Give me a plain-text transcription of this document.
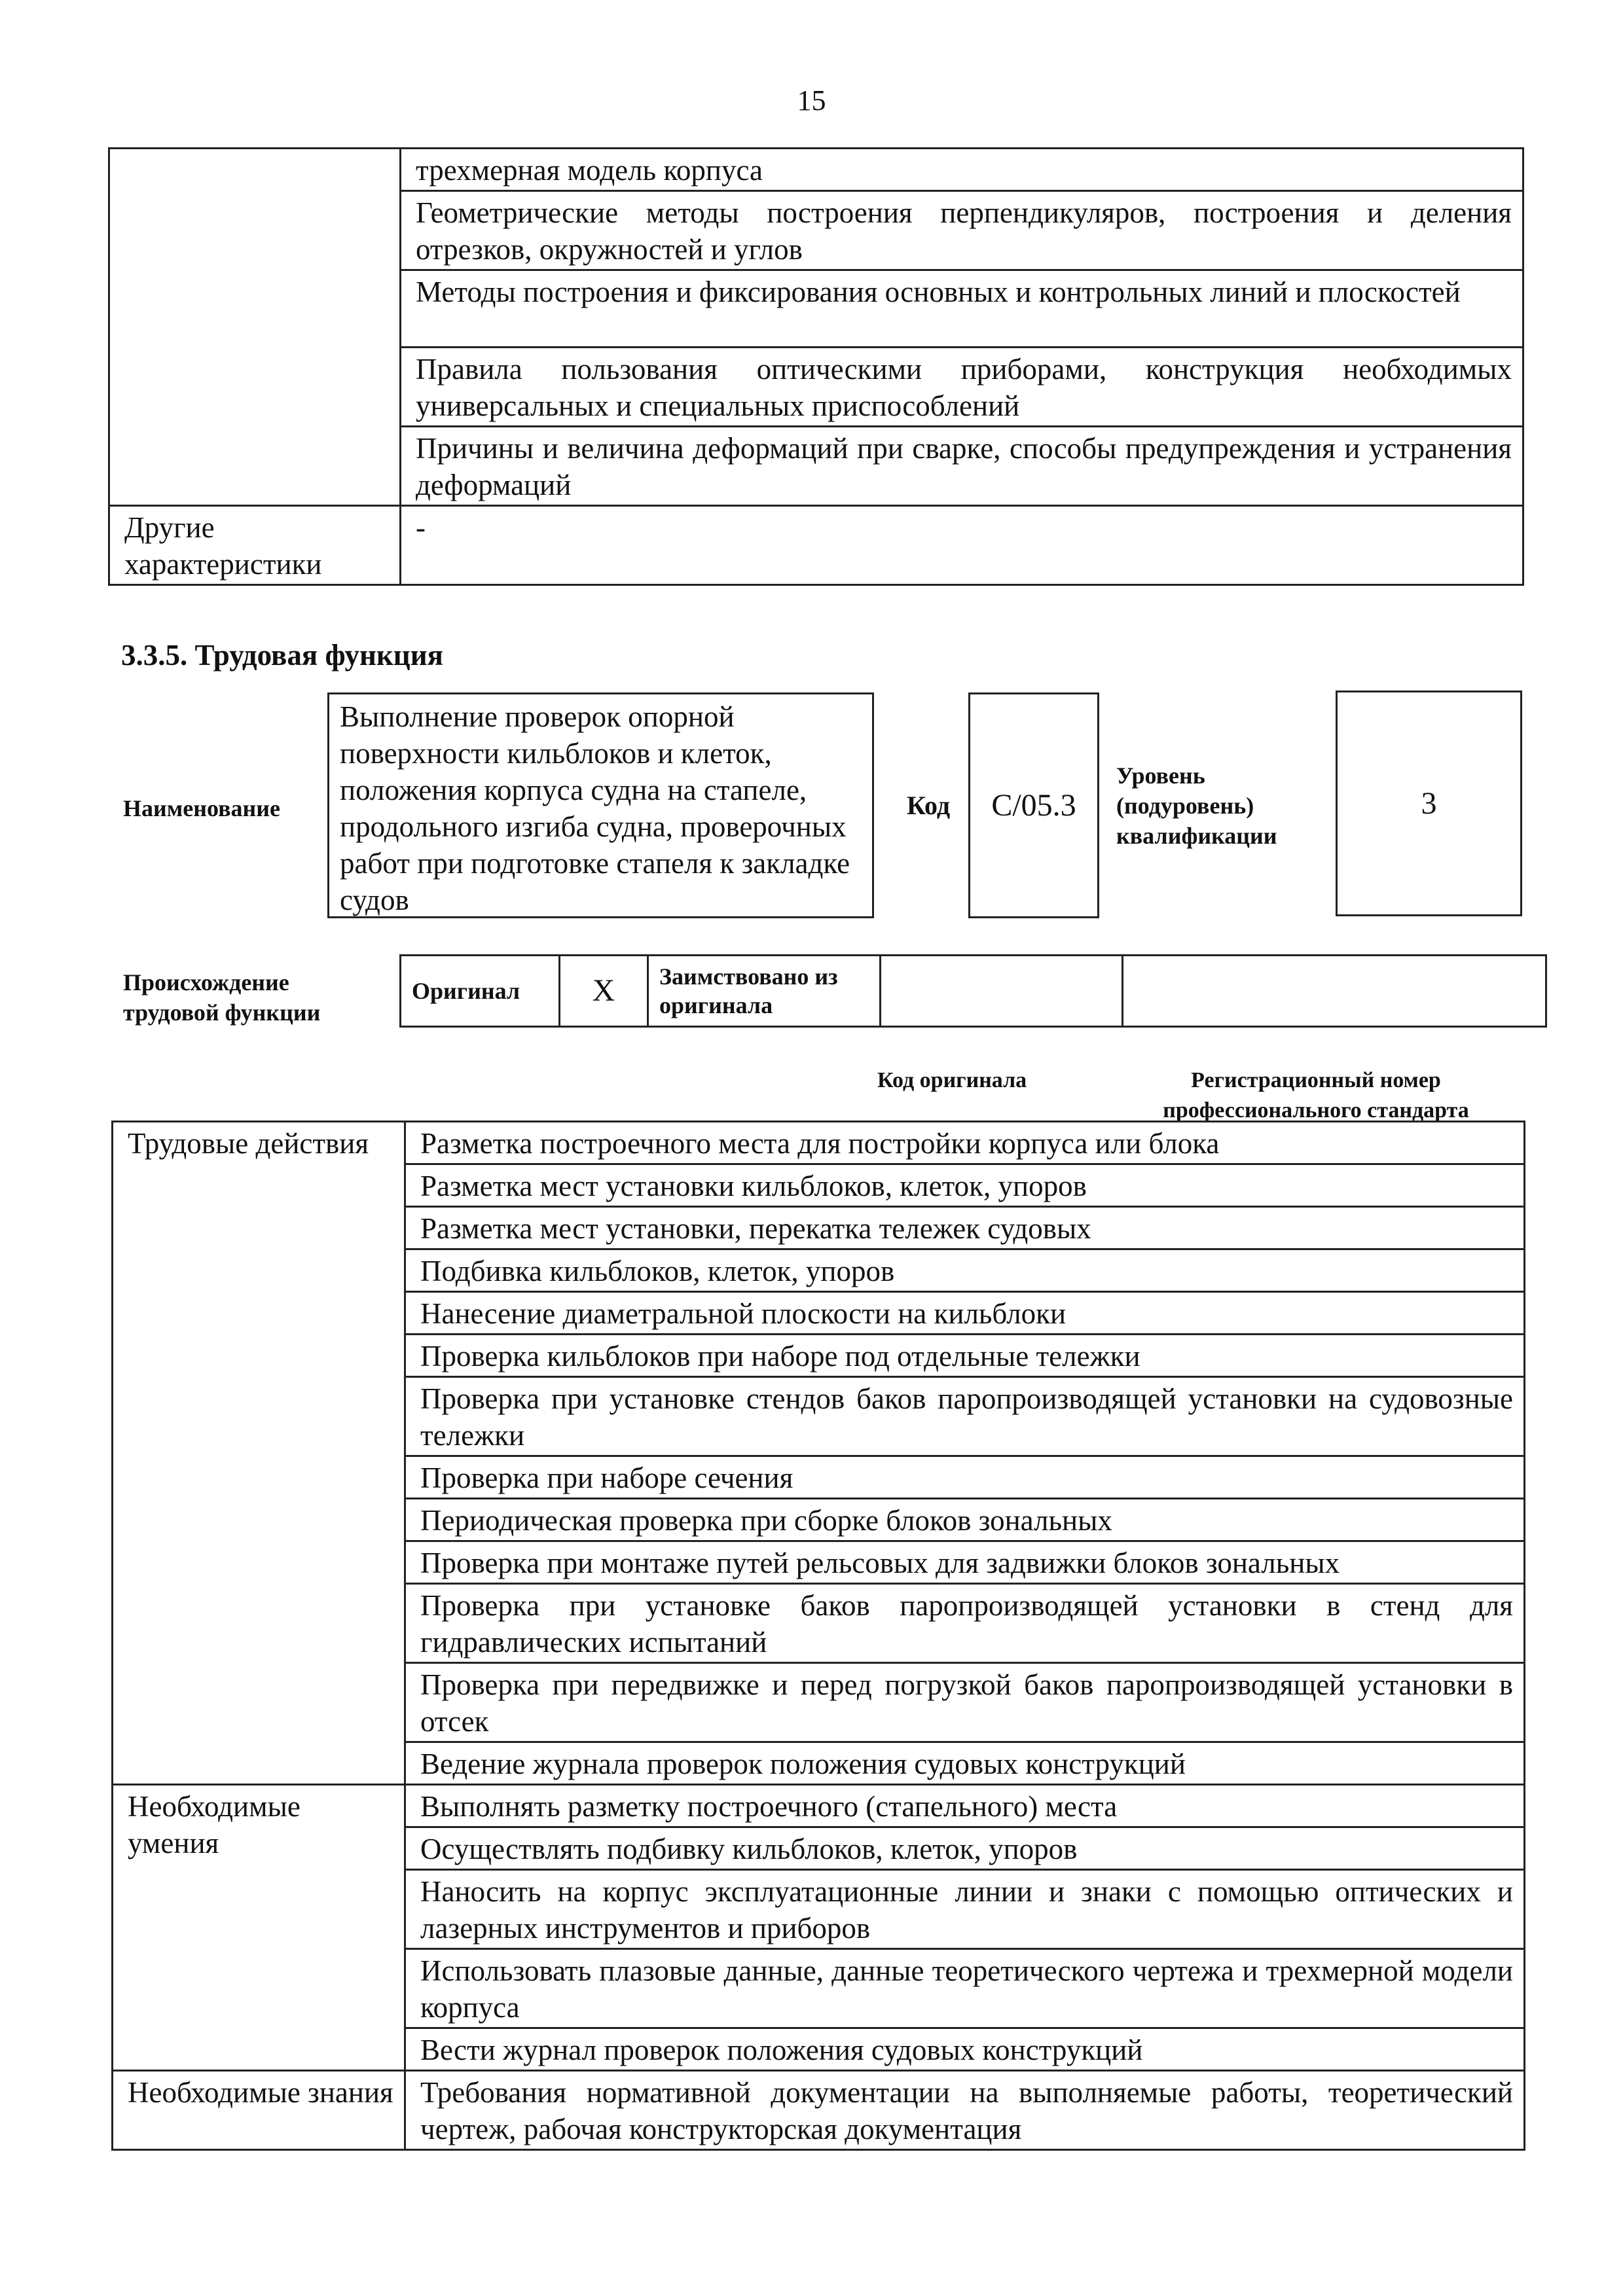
15
	трехмерная модель корпуса
	Геометрические методы построения перпендикуляров, построения и деления отрезков, окружностей и углов
	Методы построения и фиксирования основных и контрольных линий и плоскостей
	Правила пользования оптическими приборами, конструкция необходимых универсальных и специальных приспособлений
	Причины и величина деформаций при сварке, способы предупреждения и устранения деформаций
Другие характеристики	-
3.3.5. Трудовая функция
Наименование
Выполнение проверок опорной поверхности кильблоков и клеток, положения корпуса судна на стапеле, продольного изгиба судна, проверочных работ при подготовке стапеля к закладке судов
Код С/05.3
Уровень (подуровень) квалификации
3
Происхождение трудовой функции
Оригинал	X	Заимствовано из оригинала		
Код оригинала	Регистрационный номер профессионального стандарта
Трудовые действия	Разметка построечного места для постройки корпуса или блока
	Разметка мест установки кильблоков, клеток, упоров
	Разметка мест установки, перекатка тележек судовых
	Подбивка кильблоков, клеток, упоров
	Нанесение диаметральной плоскости на кильблоки
	Проверка кильблоков при наборе под отдельные тележки
	Проверка при установке стендов баков паропроизводящей установки на судовозные тележки
	Проверка при наборе сечения
	Периодическая проверка при сборке блоков зональных
	Проверка при монтаже путей рельсовых для задвижки блоков зональных
	Проверка при установке баков паропроизводящей установки в стенд для гидравлических испытаний
	Проверка при передвижке и перед погрузкой баков паропроизводящей установки в отсек
	Ведение журнала проверок положения судовых конструкций
Необходимые умения	Выполнять разметку построечного (стапельного) места
	Осуществлять подбивку кильблоков, клеток, упоров
	Наносить на корпус эксплуатационные линии и знаки с помощью оптических и лазерных инструментов и приборов
	Использовать плазовые данные, данные теоретического чертежа и трехмерной модели корпуса
	Вести журнал проверок положения судовых конструкций
Необходимые знания	Требования нормативной документации на выполняемые работы, теоретический чертеж, рабочая конструкторская документация
